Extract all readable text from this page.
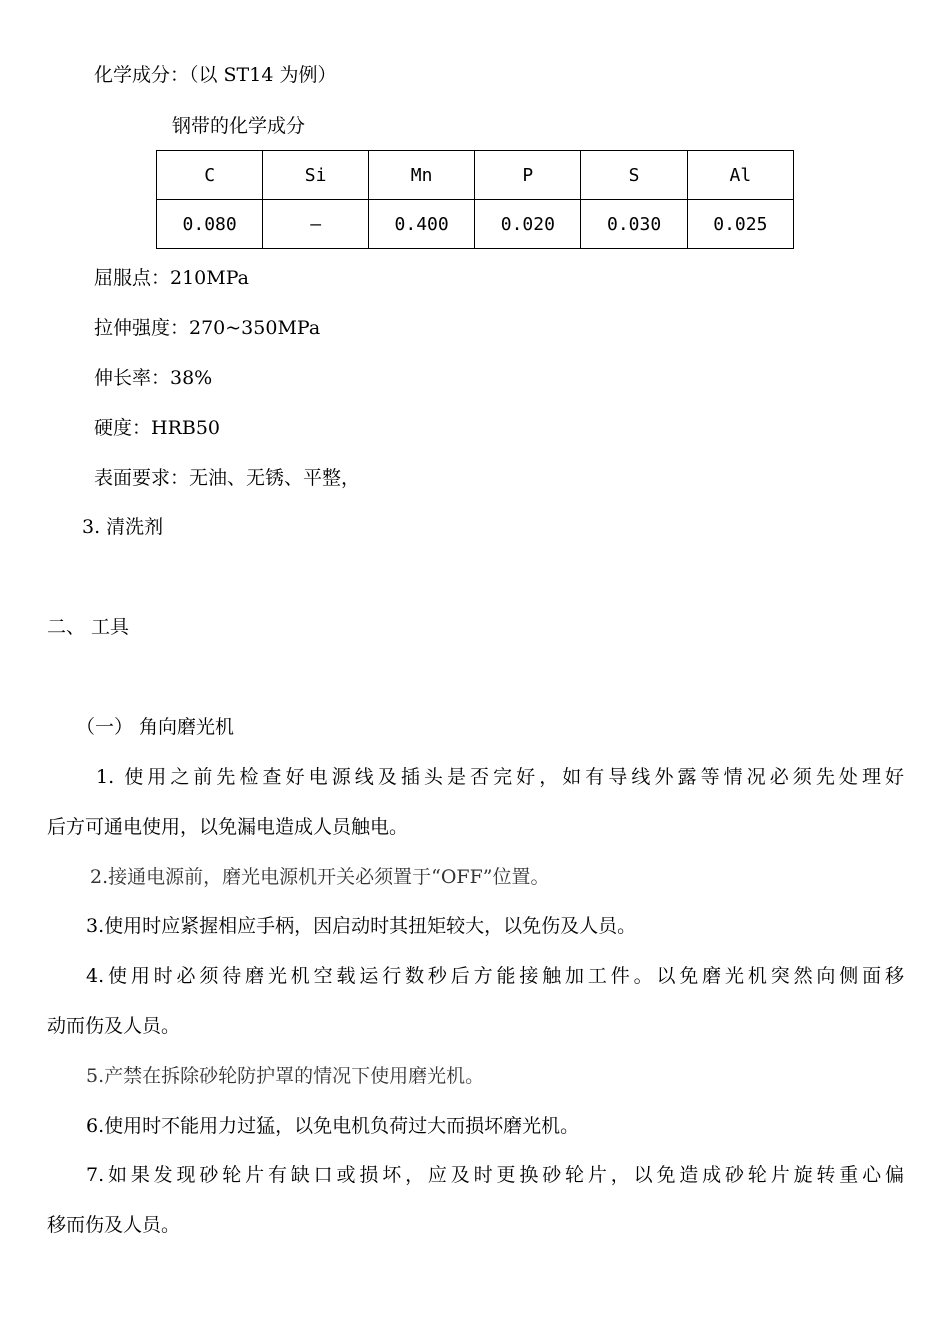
化学成分：（以 ST14 为例）
钢带的化学成分
C	Si	Mn	P	S	Al
0.080	—	0.400	0.020	0.030	0.025
屈服点：210MPa
拉伸强度：270~350MPa
伸长率：38%
硬度：HRB50
表面要求：无油、无锈、平整，
3. 清洗剂
二、 工具
（一） 角向磨光机
1. 使用之前先检查好电源线及插头是否完好，如有导线外露等情况必须先处理好
后方可通电使用，以免漏电造成人员触电。
2.接通电源前，磨光电源机开关必须置于“OFF”位置。
3.使用时应紧握相应手柄，因启动时其扭矩较大，以免伤及人员。
4.使用时必须待磨光机空载运行数秒后方能接触加工件。以免磨光机突然向侧面移
动而伤及人员。
5.产禁在拆除砂轮防护罩的情况下使用磨光机。
6.使用时不能用力过猛，以免电机负荷过大而损坏磨光机。
7.如果发现砂轮片有缺口或损坏，应及时更换砂轮片，以免造成砂轮片旋转重心偏
移而伤及人员。
